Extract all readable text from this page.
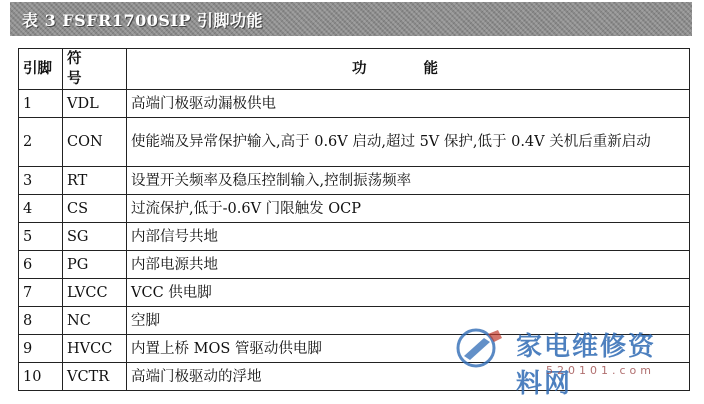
表 3 FSFR1700SIP 引脚功能
引脚	符 号	功 能
1	VDL	高端门极驱动漏极供电
2	CON	使能端及异常保护输入,高于 0.6V 启动,超过 5V 保护,低于 0.4V 关机后重新启动
3	RT	设置开关频率及稳压控制输入,控制振荡频率
4	CS	过流保护,低于-0.6V 门限触发 OCP
5	SG	内部信号共地
6	PG	内部电源共地
7	LVCC	VCC 供电脚
8	NC	空脚
9	HVCC	内置上桥 MOS 管驱动供电脚
10	VCTR	高端门极驱动的浮地
家电维修资料网
520101.com
